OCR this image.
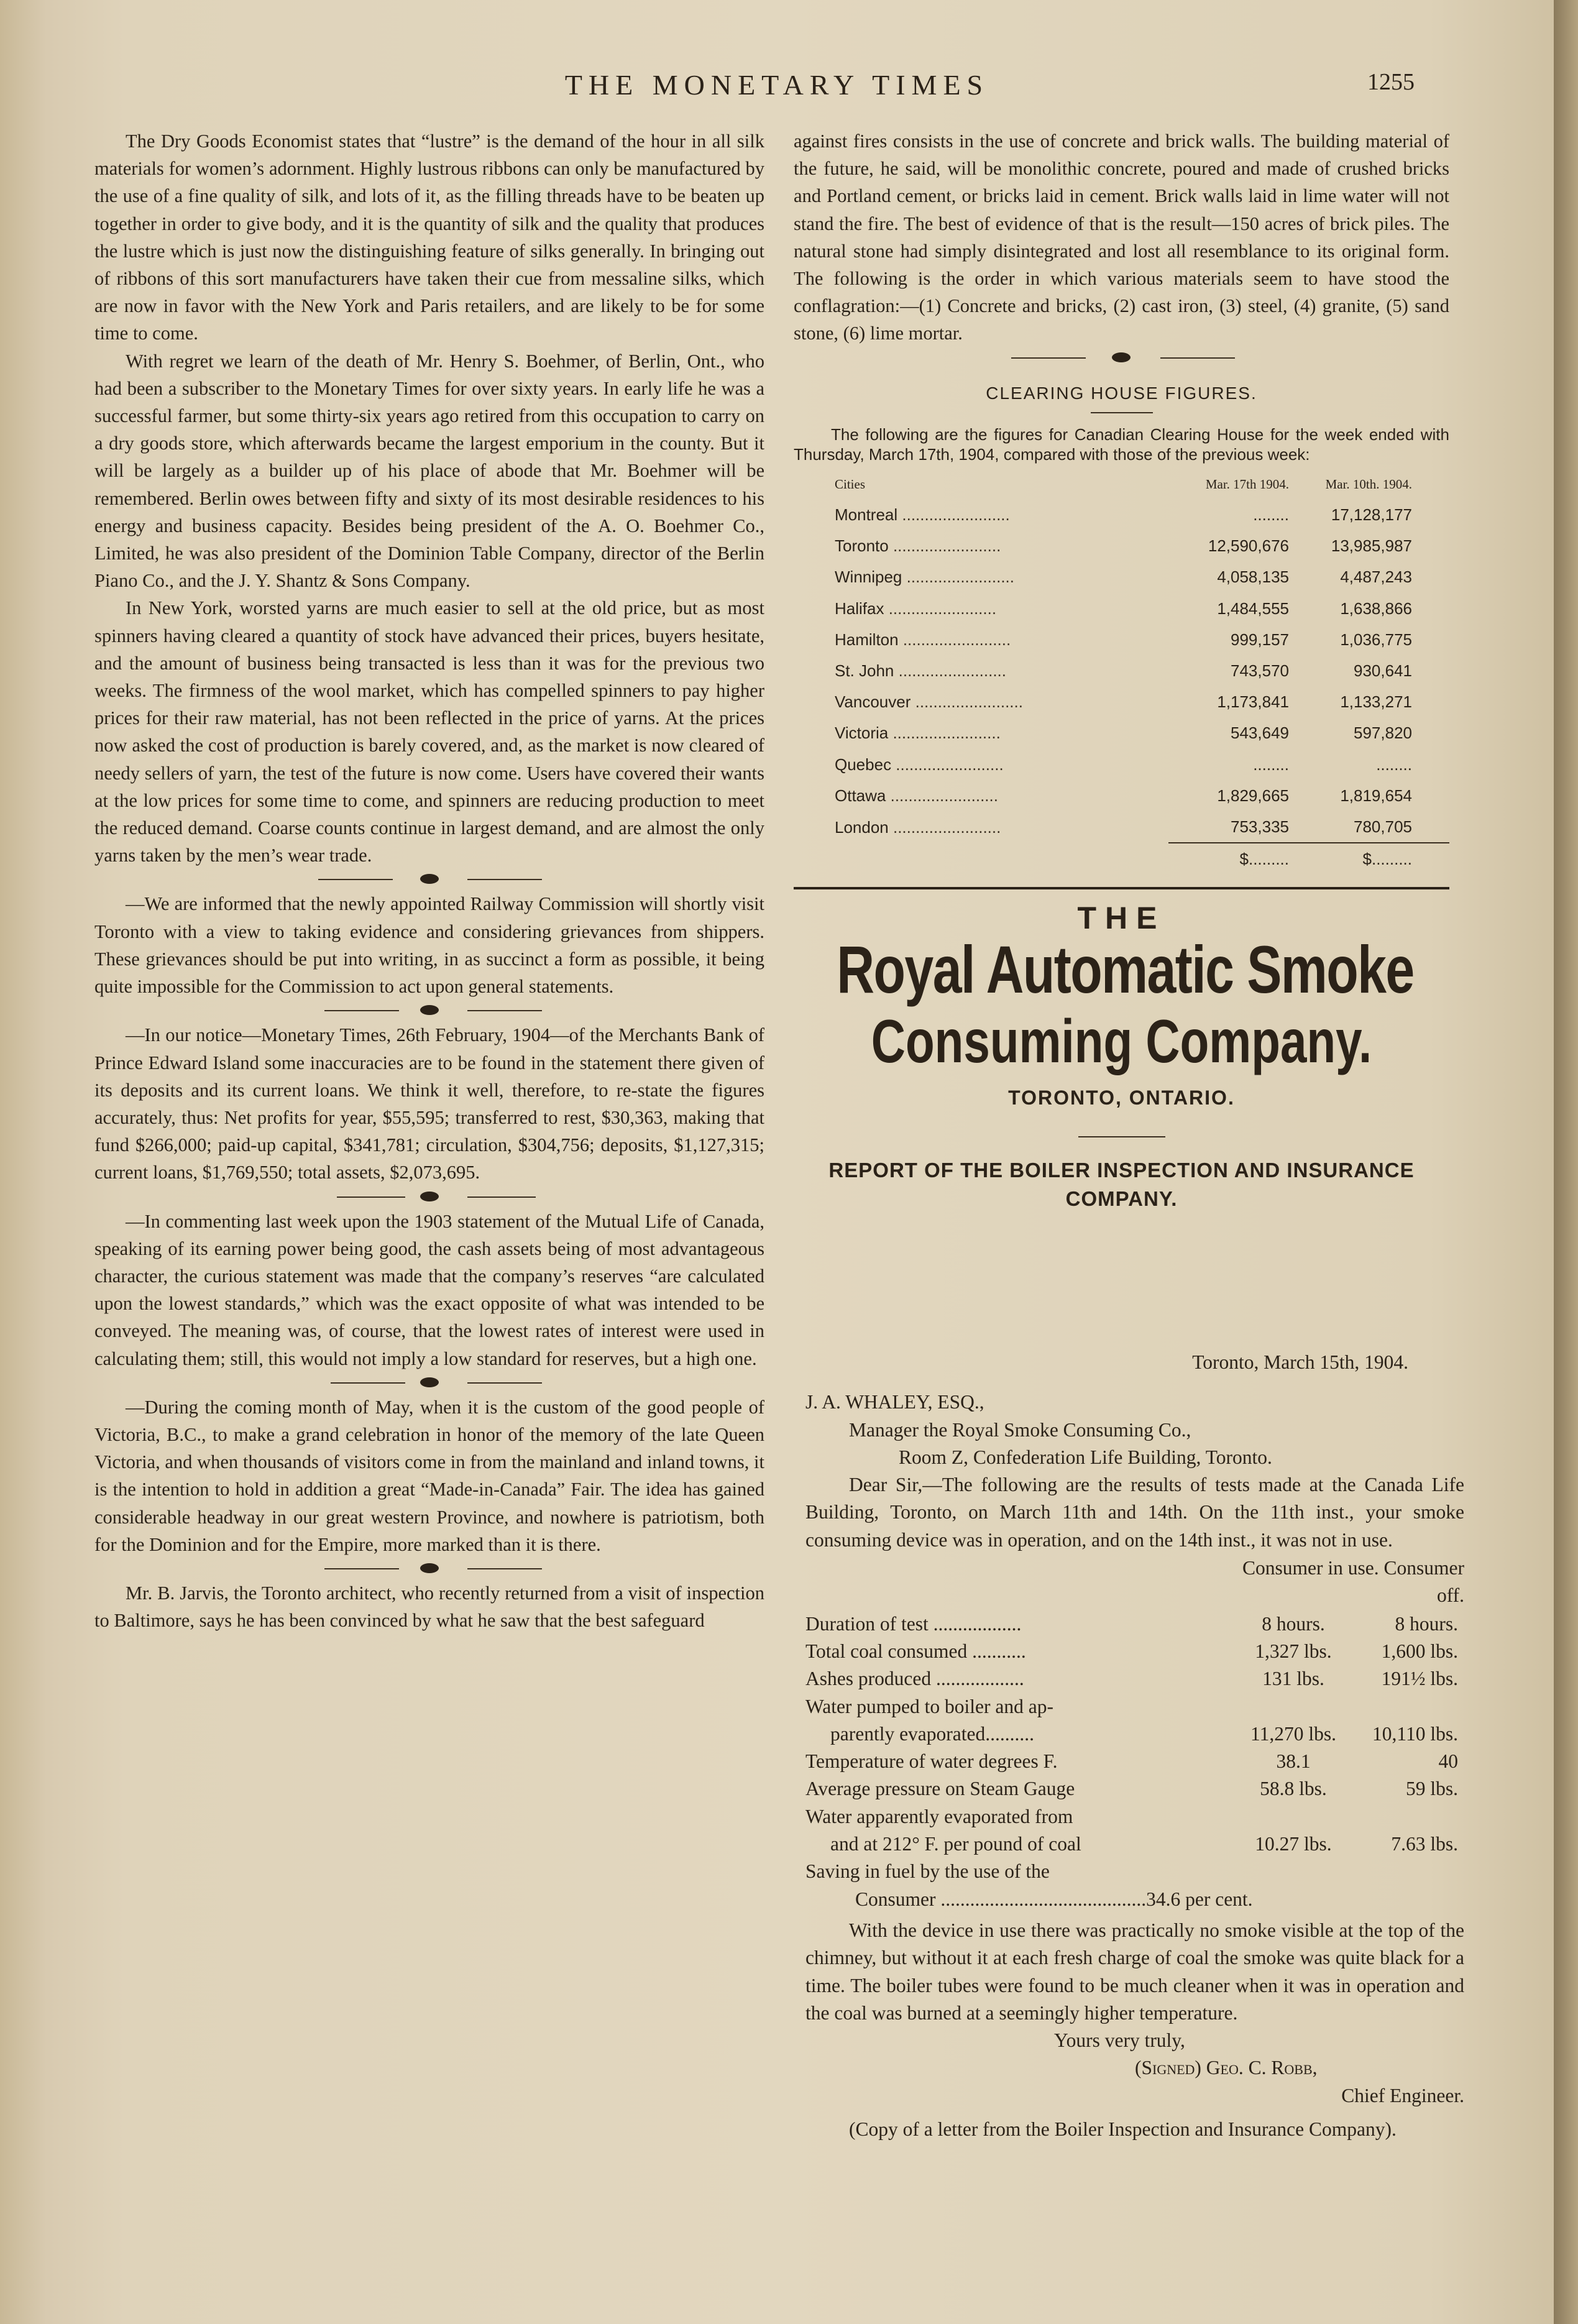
THE MONETARY TIMES	1255

The Dry Goods Economist states that “lustre” is the demand of the hour in all silk materials for women’s adornment. Highly lustrous ribbons can only be manufactured by the use of a fine quality of silk, and lots of it, as the filling threads have to be beaten up together in order to give body, and it is the quantity of silk and the quality that produces the lustre which is just now the distinguishing feature of silks generally. In bringing out of ribbons of this sort manufacturers have taken their cue from messaline silks, which are now in favor with the New York and Paris retailers, and are likely to be for some time to come.

With regret we learn of the death of Mr. Henry S. Boehmer, of Berlin, Ont., who had been a subscriber to the Monetary Times for over sixty years. In early life he was a successful farmer, but some thirty-six years ago retired from this occupation to carry on a dry goods store, which afterwards became the largest emporium in the county. But it will be largely as a builder up of his place of abode that Mr. Boehmer will be remembered. Berlin owes between fifty and sixty of its most desirable residences to his energy and business capacity. Besides being president of the A. O. Boehmer Co., Limited, he was also president of the Dominion Table Company, director of the Berlin Piano Co., and the J. Y. Shantz & Sons Company.

In New York, worsted yarns are much easier to sell at the old price, but as most spinners having cleared a quantity of stock have advanced their prices, buyers hesitate, and the amount of business being transacted is less than it was for the previous two weeks. The firmness of the wool market, which has compelled spinners to pay higher prices for their raw material, has not been reflected in the price of yarns. At the prices now asked the cost of production is barely covered, and, as the market is now cleared of needy sellers of yarn, the test of the future is now come. Users have covered their wants at the low prices for some time to come, and spinners are reducing production to meet the reduced demand. Coarse counts continue in largest demand, and are almost the only yarns taken by the men’s wear trade.

—We are informed that the newly appointed Railway Commission will shortly visit Toronto with a view to taking evidence and considering grievances from shippers. These grievances should be put into writing, in as succinct a form as possible, it being quite impossible for the Commission to act upon general statements.

—In our notice—Monetary Times, 26th February, 1904—of the Merchants Bank of Prince Edward Island some inaccuracies are to be found in the statement there given of its deposits and its current loans. We think it well, therefore, to re-state the figures accurately, thus: Net profits for year, $55,595; transferred to rest, $30,363, making that fund $266,000; paid-up capital, $341,781; circulation, $304,756; deposits, $1,127,315; current loans, $1,769,550; total assets, $2,073,695.

—In commenting last week upon the 1903 statement of the Mutual Life of Canada, speaking of its earning power being good, the cash assets being of most advantageous character, the curious statement was made that the company’s reserves “are calculated upon the lowest standards,” which was the exact opposite of what was intended to be conveyed. The meaning was, of course, that the lowest rates of interest were used in calculating them; still, this would not imply a low standard for reserves, but a high one.

—During the coming month of May, when it is the custom of the good people of Victoria, B.C., to make a grand celebration in honor of the memory of the late Queen Victoria, and when thousands of visitors come in from the mainland and inland towns, it is the intention to hold in addition a great “Made-in-Canada” Fair. The idea has gained considerable headway in our great western Province, and nowhere is patriotism, both for the Dominion and for the Empire, more marked than it is there.

Mr. B. Jarvis, the Toronto architect, who recently returned from a visit of inspection to Baltimore, says he has been convinced by what he saw that the best safeguard

against fires consists in the use of concrete and brick walls. The building material of the future, he said, will be monolithic concrete, poured and made of crushed bricks and Portland cement, or bricks laid in cement. Brick walls laid in lime water will not stand the fire. The best of evidence of that is the result—150 acres of brick piles. The natural stone had simply disintegrated and lost all resemblance to its original form. The following is the order in which various materials seem to have stood the conflagration:—(1) Concrete and bricks, (2) cast iron, (3) steel, (4) granite, (5) sand stone, (6) lime mortar.

CLEARING HOUSE FIGURES.
The following are the figures for Canadian Clearing House for the week ended with Thursday, March 17th, 1904, compared with those of the previous week:
Cities	Mar. 17th 1904.	Mar. 10th. 1904.
Montreal ........................	........	17,128,177
Toronto ........................	12,590,676	13,985,987
Winnipeg ........................	4,058,135	4,487,243
Halifax ........................	1,484,555	1,638,866
Hamilton ........................	999,157	1,036,775
St. John ........................	743,570	930,641
Vancouver ........................	1,173,841	1,133,271
Victoria ........................	543,649	597,820
Quebec ........................	........	........
Ottawa ........................	1,829,665	1,819,654
London ........................	753,335	780,705
	$.........	$.........
THE
Royal Automatic Smoke
Consuming Company.
TORONTO, ONTARIO.
REPORT OF THE BOILER INSPECTION AND INSURANCE COMPANY.

Toronto, March 15th, 1904.

J. A. WHALEY, ESQ.,

Manager the Royal Smoke Consuming Co.,

Room Z, Confederation Life Building, Toronto.

Dear Sir,—The following are the results of tests made at the Canada Life Building, Toronto, on March 11th and 14th. On the 11th inst., your smoke consuming device was in operation, and on the 14th inst., it was not in use.

	Consumer in use. Consumer off.	
Duration of test ..................	8 hours.	8 hours.
Total coal consumed ...........	1,327 lbs.	1,600 lbs.
Ashes produced ..................	131 lbs.	191½ lbs.
Water pumped to boiler and ap-		
parently evaporated..........	11,270 lbs.	10,110 lbs.
Temperature of water degrees F.	38.1	40
Average pressure on Steam Gauge	58.8 lbs.	59 lbs.
Water apparently evaporated from		
and at 212° F. per pound of coal	10.27 lbs.	7.63 lbs.

Saving in fuel by the use of the

Consumer ..........................................34.6 per cent.

With the device in use there was practically no smoke visible at the top of the chimney, but without it at each fresh charge of coal the smoke was quite black for a time. The boiler tubes were found to be much cleaner when it was in operation and the coal was burned at a seemingly higher temperature.

Yours very truly,

(Signed) Geo. C. Robb,

Chief Engineer.

(Copy of a letter from the Boiler Inspection and Insurance Company).
